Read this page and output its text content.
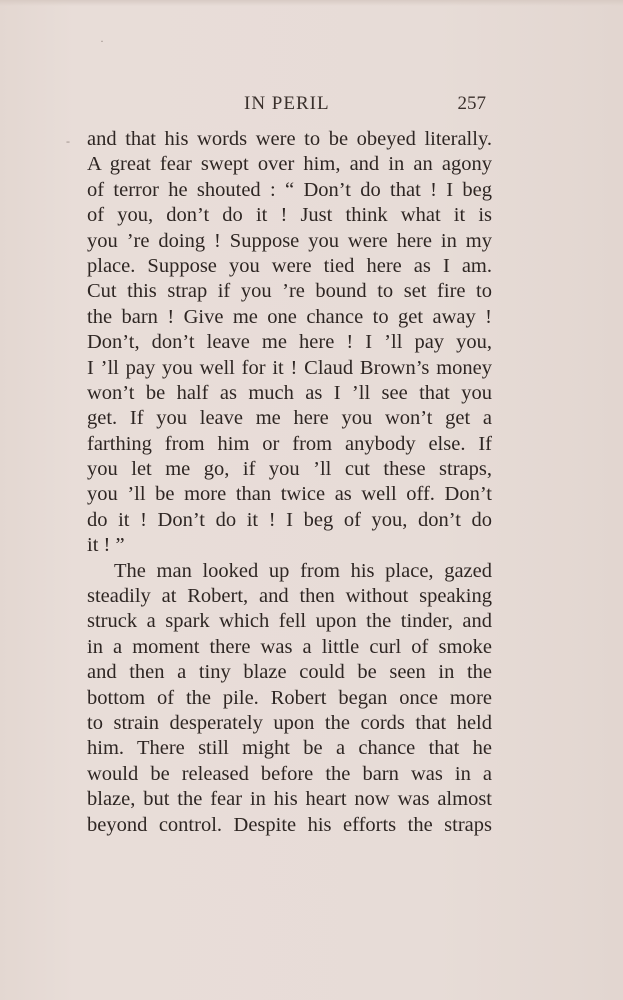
·
-
IN PERIL	257
and that his words were to be obeyed literally.
A great fear swept over him, and in an agony
of terror he shouted : “ Don’t do that ! I beg
of you, don’t do it ! Just think what it is
you ’re doing ! Suppose you were here in my
place. Suppose you were tied here as I am.
Cut this strap if you ’re bound to set fire to
the barn ! Give me one chance to get away !
Don’t, don’t leave me here ! I ’ll pay you,
I ’ll pay you well for it ! Claud Brown’s money
won’t be half as much as I ’ll see that you
get. If you leave me here you won’t get a
farthing from him or from anybody else. If
you let me go, if you ’ll cut these straps,
you ’ll be more than twice as well off. Don’t
do it ! Don’t do it ! I beg of you, don’t do
it ! ”
The man looked up from his place, gazed
steadily at Robert, and then without speaking
struck a spark which fell upon the tinder, and
in a moment there was a little curl of smoke
and then a tiny blaze could be seen in the
bottom of the pile. Robert began once more
to strain desperately upon the cords that held
him. There still might be a chance that he
would be released before the barn was in a
blaze, but the fear in his heart now was almost
beyond control. Despite his efforts the straps
